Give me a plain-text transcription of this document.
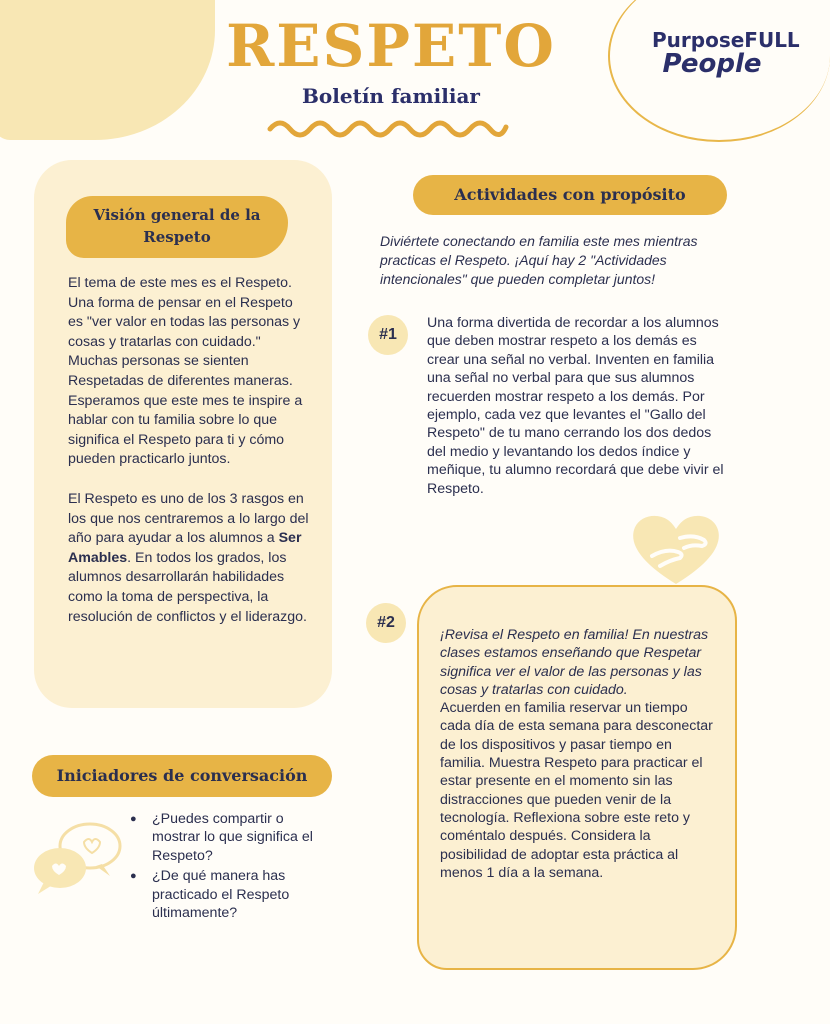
RESPETO
Boletín familiar
PurposeFULL
People
Visión general de la Respeto

El tema de este mes es el Respeto. Una forma de pensar en el Respeto es "ver valor en todas las personas y cosas y tratarlas con cuidado." Muchas personas se sienten Respetadas de diferentes maneras. Esperamos que este mes te inspire a hablar con tu familia sobre lo que significa el Respeto para ti y cómo pueden practicarlo juntos.

El Respeto es uno de los 3 rasgos en los que nos centraremos a lo largo del año para ayudar a los alumnos a Ser Amables. En todos los grados, los alumnos desarrollarán habilidades como la toma de perspectiva, la resolución de conflictos y el liderazgo.

Iniciadores de conversación
● ¿Puedes compartir o mostrar lo que significa el Respeto?
● ¿De qué manera has practicado el Respeto últimamente?
Actividades con propósito
Diviértete conectando en familia este mes mientras practicas el Respeto. ¡Aquí hay 2 "Actividades intencionales" que pueden completar juntos!
#1
Una forma divertida de recordar a los alumnos que deben mostrar respeto a los demás es crear una señal no verbal. Inventen en familia una señal no verbal para que sus alumnos recuerden mostrar respeto a los demás. Por ejemplo, cada vez que levantes el "Gallo del Respeto" de tu mano cerrando los dos dedos del medio y levantando los dedos índice y meñique, tu alumno recordará que debe vivir el Respeto.
#2
¡Revisa el Respeto en familia! En nuestras clases estamos enseñando que Respetar significa ver el valor de las personas y las cosas y tratarlas con cuidado.
Acuerden en familia reservar un tiempo cada día de esta semana para desconectar de los dispositivos y pasar tiempo en familia. Muestra Respeto para practicar el estar presente en el momento sin las distracciones que pueden venir de la tecnología. Reflexiona sobre este reto y coméntalo después. Considera la posibilidad de adoptar esta práctica al menos 1 día a la semana.
